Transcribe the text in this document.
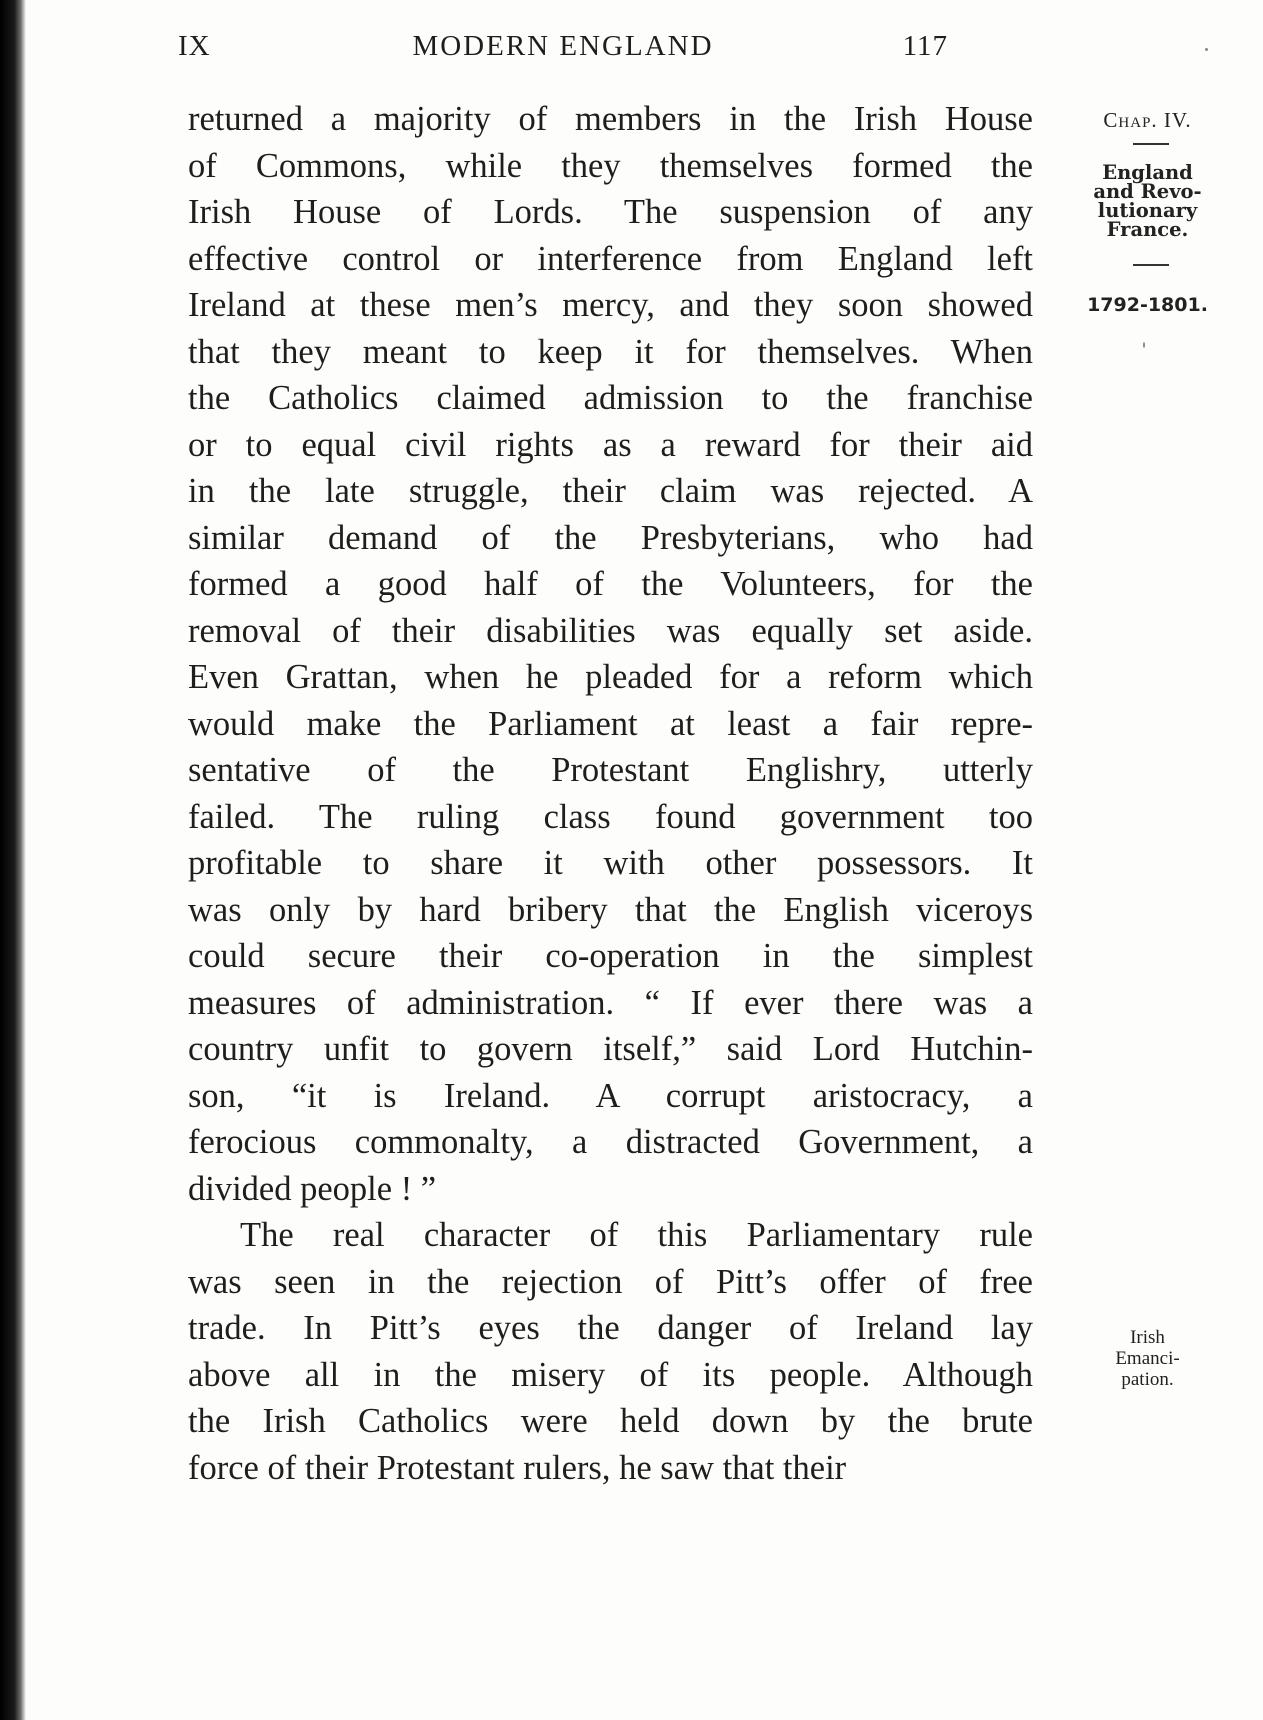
IX	MODERN ENGLAND	117
returned a majority of members in the Irish House
of Commons, while they themselves formed the
Irish House of Lords. The suspension of any
effective control or interference from England left
Ireland at these men’s mercy, and they soon showed
that they meant to keep it for themselves. When
the Catholics claimed admission to the franchise
or to equal civil rights as a reward for their aid
in the late struggle, their claim was rejected. A
similar demand of the Presbyterians, who had
formed a good half of the Volunteers, for the
removal of their disabilities was equally set aside.
Even Grattan, when he pleaded for a reform which
would make the Parliament at least a fair repre-
sentative of the Protestant Englishry, utterly
failed. The ruling class found government too
profitable to share it with other possessors. It
was only by hard bribery that the English viceroys
could secure their co-operation in the simplest
measures of administration. “ If ever there was a
country unfit to govern itself,” said Lord Hutchin-
son, “it is Ireland. A corrupt aristocracy, a
ferocious commonalty, a distracted Government, a
divided people ! ”
The real character of this Parliamentary rule
was seen in the rejection of Pitt’s offer of free
trade. In Pitt’s eyes the danger of Ireland lay
above all in the misery of its people. Although
the Irish Catholics were held down by the brute
force of their Protestant rulers, he saw that their
Chap. IV.
England
and Revo-
lutionary
France.
1792-1801.
Irish
Emanci-
pation.
